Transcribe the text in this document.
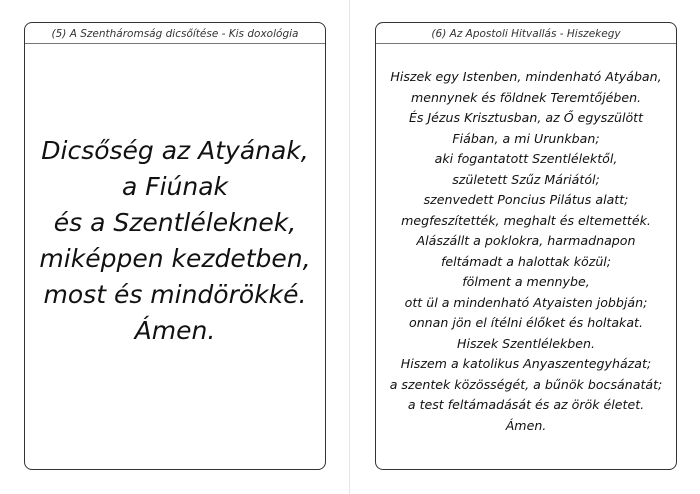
(5) A Szentháromság dicsőítése - Kis doxológia
Dicsőség az Atyának,
a Fiúnak
és a Szentléleknek,
miképpen kezdetben,
most és mindörökké.
Ámen.
(6) Az Apostoli Hitvallás - Hiszekegy
Hiszek egy Istenben, mindenható Atyában,
mennynek és földnek Teremtőjében.
És Jézus Krisztusban, az Ő egyszülött
Fiában, a mi Urunkban;
aki fogantatott Szentlélektől,
született Szűz Máriától;
szenvedett Poncius Pilátus alatt;
megfeszítették, meghalt és eltemették.
Alászállt a poklokra, harmadnapon
feltámadt a halottak közül;
fölment a mennybe,
ott ül a mindenható Atyaisten jobbján;
onnan jön el ítélni élőket és holtakat.
Hiszek Szentlélekben.
Hiszem a katolikus Anyaszentegyházat;
a szentek közösségét, a bűnök bocsánatát;
a test feltámadását és az örök életet.
Ámen.
